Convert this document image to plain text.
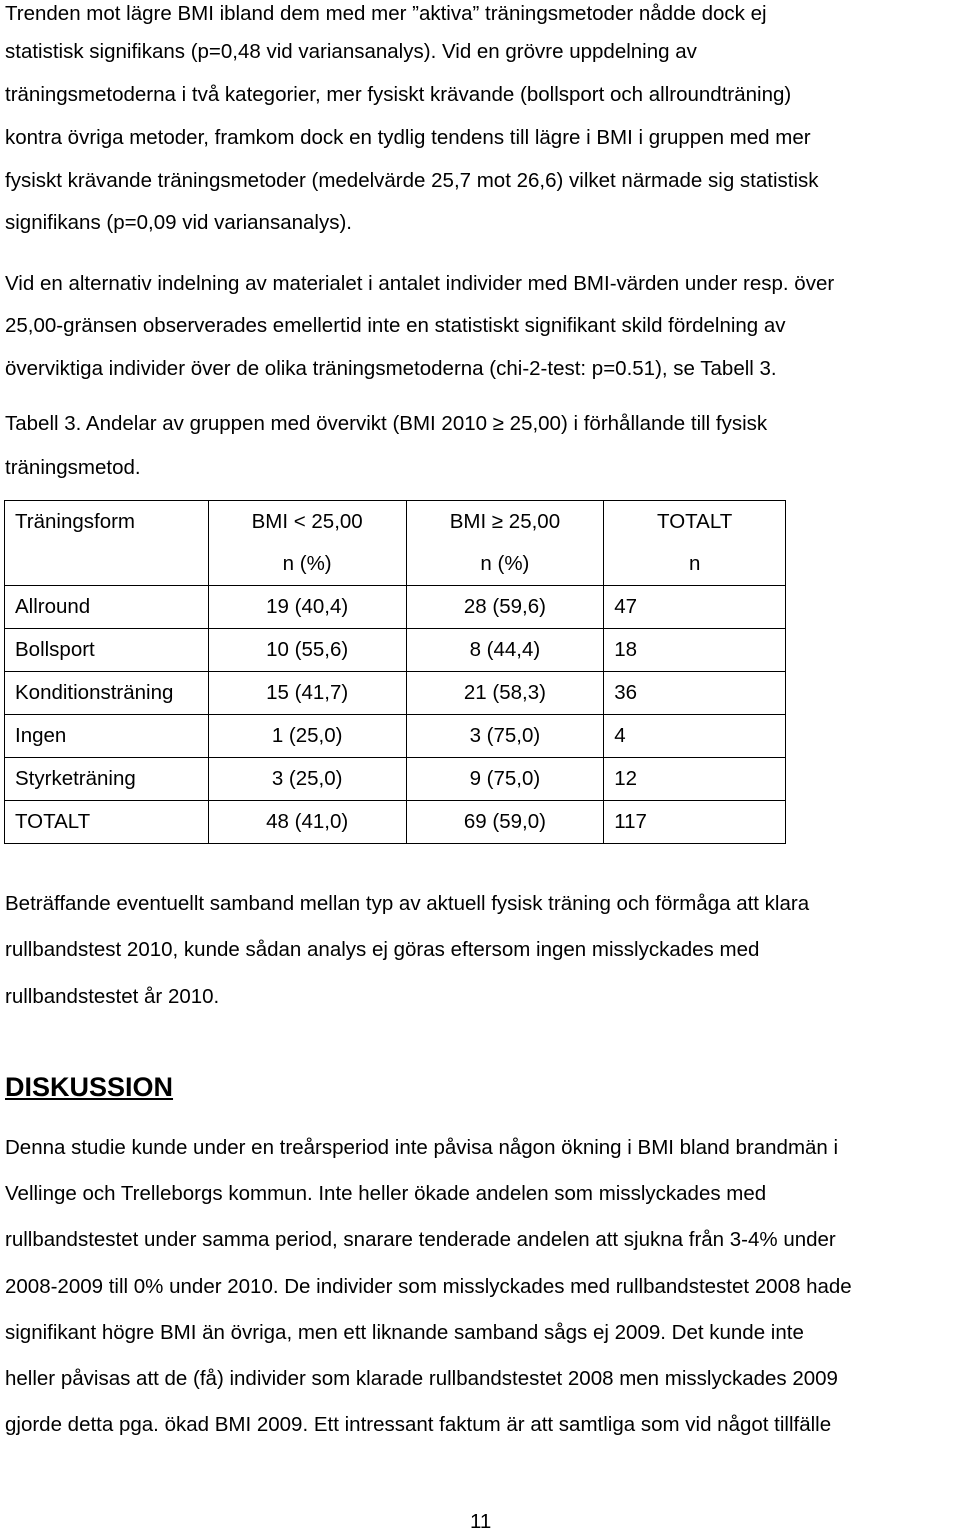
Trenden mot lägre BMI ibland dem med mer ”aktiva” träningsmetoder nådde dock ej
statistisk signifikans (p=0,48 vid variansanalys). Vid en grövre uppdelning av
träningsmetoderna i två kategorier, mer fysiskt krävande (bollsport och allroundträning)
kontra övriga metoder, framkom dock en tydlig tendens till lägre i BMI i gruppen med mer
fysiskt krävande träningsmetoder (medelvärde 25,7 mot 26,6) vilket närmade sig statistisk
signifikans (p=0,09 vid variansanalys).
Vid en alternativ indelning av materialet i antalet individer med BMI-värden under resp. över
25,00-gränsen observerades emellertid inte en statistiskt signifikant skild fördelning av
överviktiga individer över de olika träningsmetoderna (chi-2-test: p=0.51), se Tabell 3.
Tabell 3. Andelar av gruppen med övervikt (BMI 2010 ≥ 25,00) i förhållande till fysisk
träningsmetod.
Träningsform	BMI < 25,00	BMI ≥ 25,00	TOTALT
	n (%)	n (%)	n
Allround	19 (40,4)	28 (59,6)	47
Bollsport	10 (55,6)	8 (44,4)	18
Konditionsträning	15 (41,7)	21 (58,3)	36
Ingen	1 (25,0)	3 (75,0)	4
Styrketräning	3 (25,0)	9 (75,0)	12
TOTALT	48 (41,0)	69 (59,0)	117
Beträffande eventuellt samband mellan typ av aktuell fysisk träning och förmåga att klara
rullbandstest 2010, kunde sådan analys ej göras eftersom ingen misslyckades med
rullbandstestet år 2010.
DISKUSSION
Denna studie kunde under en treårsperiod inte påvisa någon ökning i BMI bland brandmän i
Vellinge och Trelleborgs kommun. Inte heller ökade andelen som misslyckades med
rullbandstestet under samma period, snarare tenderade andelen att sjukna från 3-4% under
2008-2009 till 0% under 2010. De individer som misslyckades med rullbandstestet 2008 hade
signifikant högre BMI än övriga, men ett liknande samband sågs ej 2009. Det kunde inte
heller påvisas att de (få) individer som klarade rullbandstestet 2008 men misslyckades 2009
gjorde detta pga. ökad BMI 2009. Ett intressant faktum är att samtliga som vid något tillfälle
11
